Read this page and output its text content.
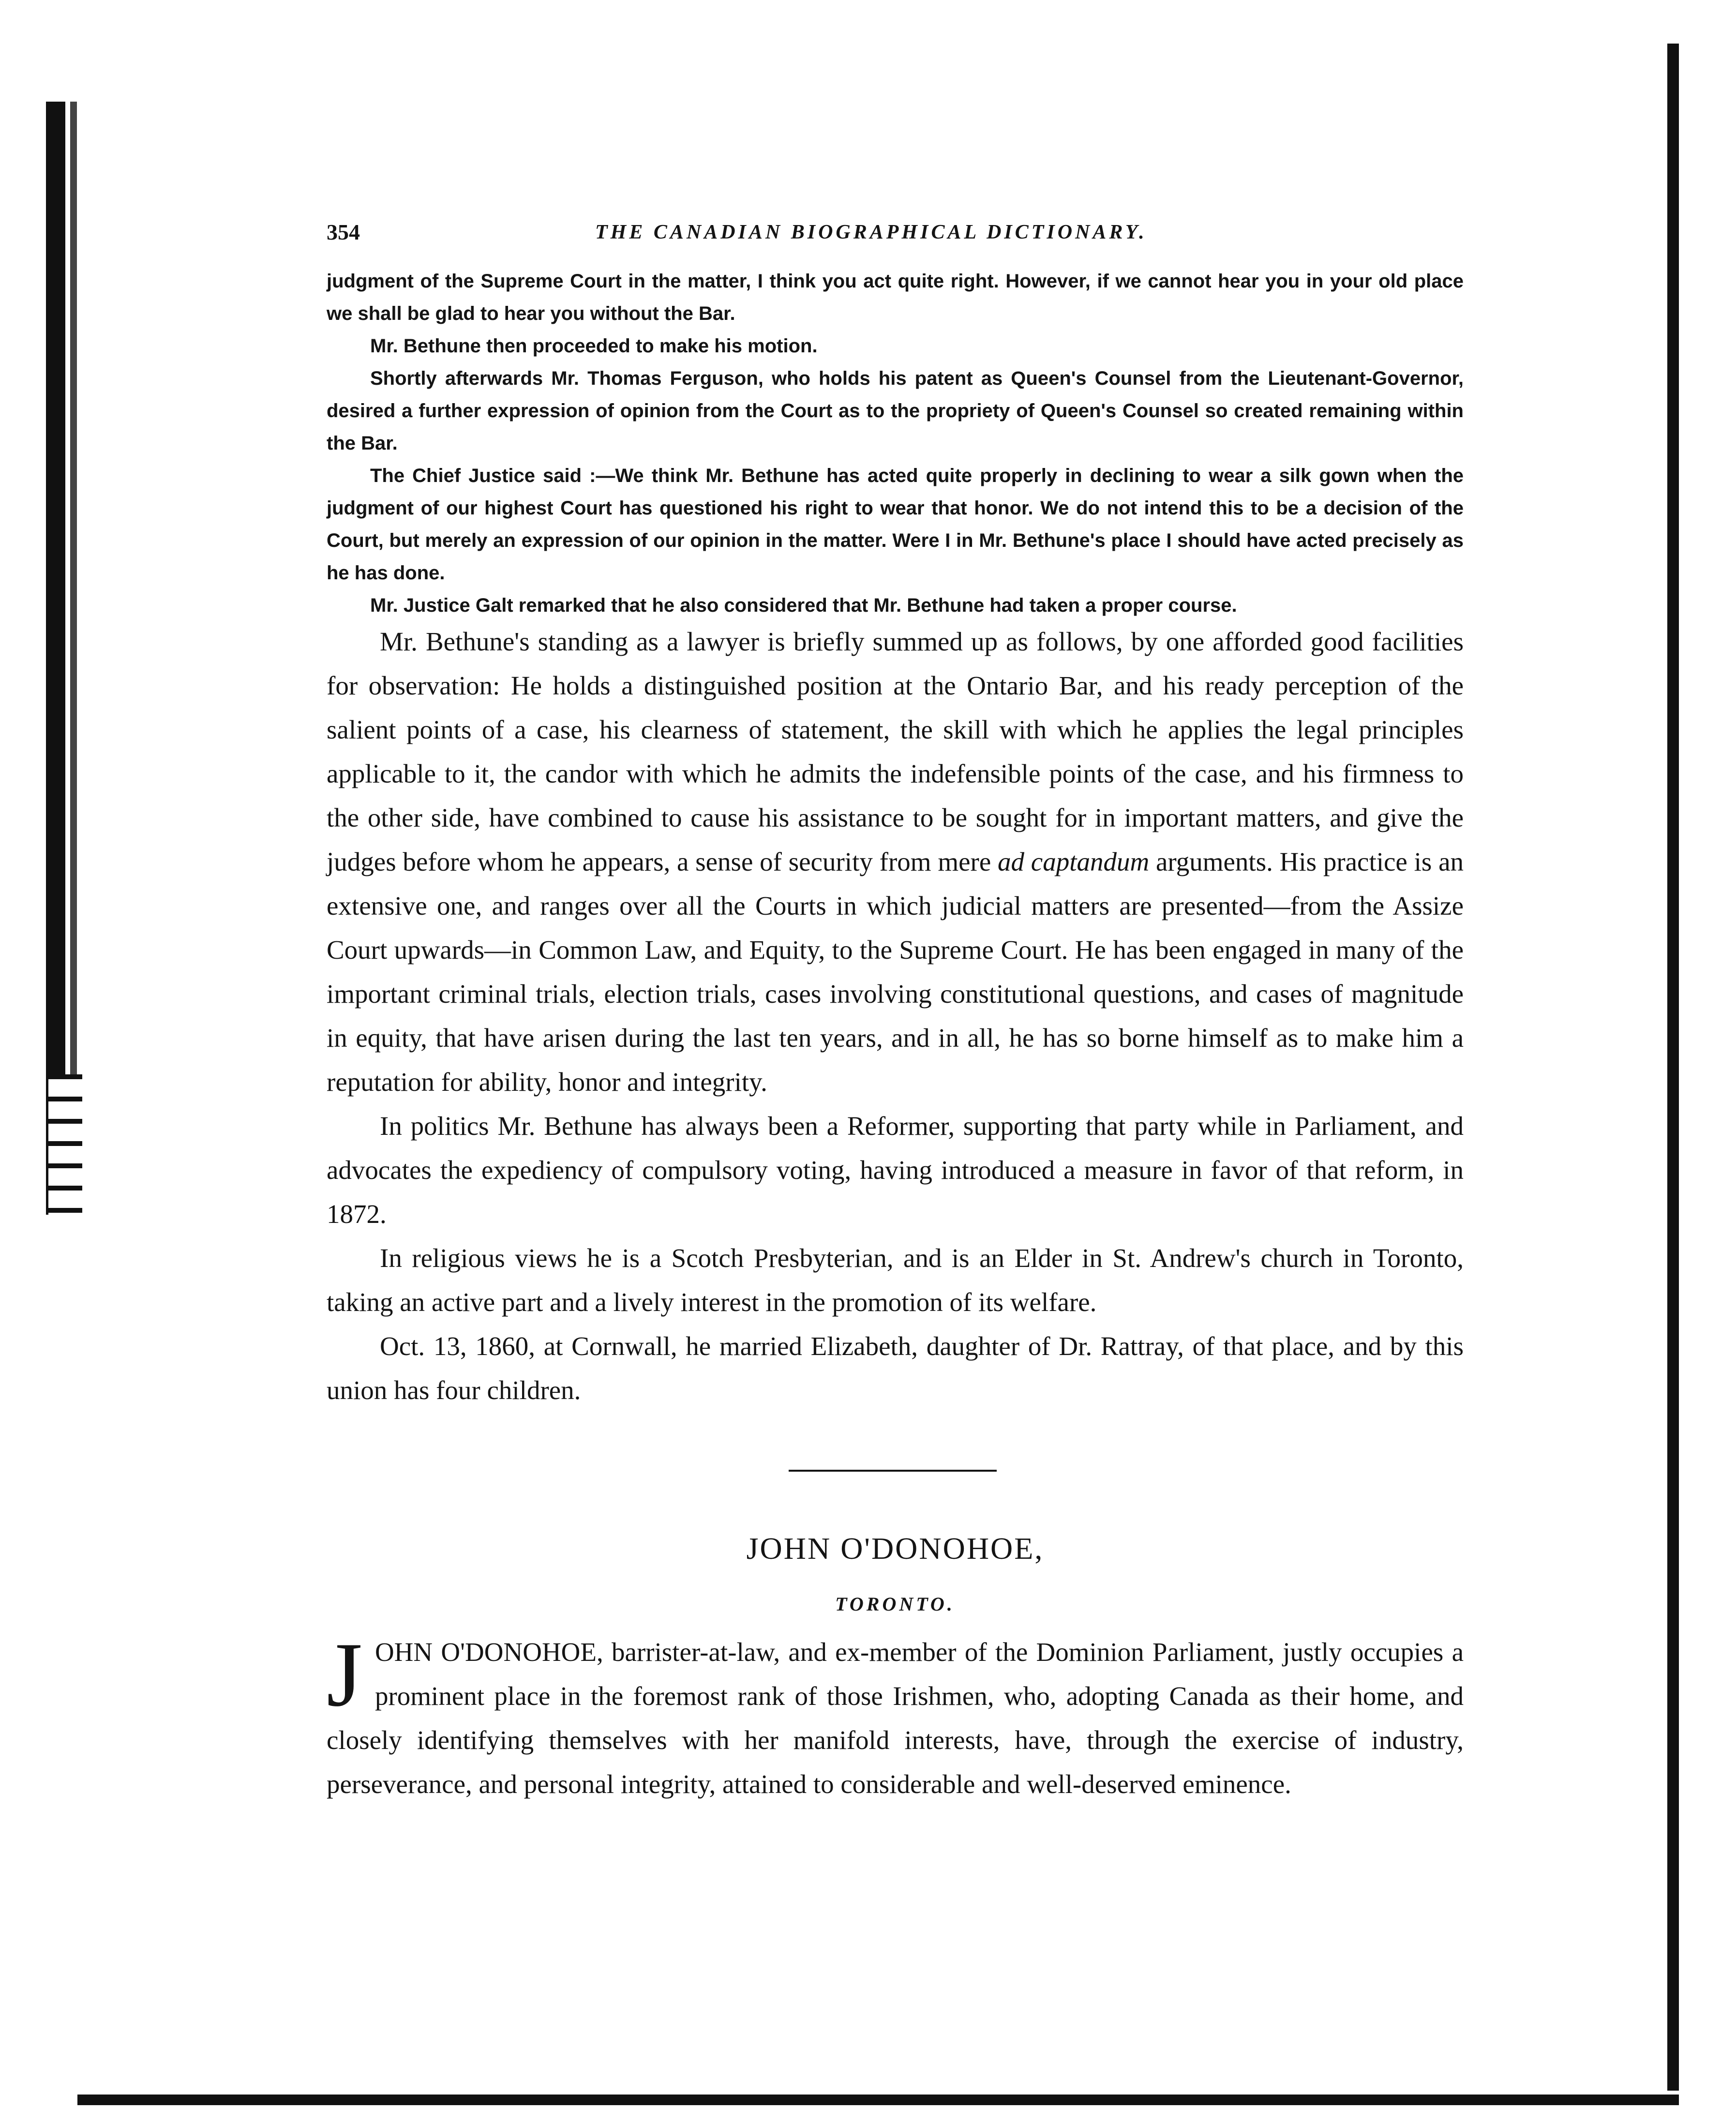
354	THE CANADIAN BIOGRAPHICAL DICTIONARY.

judgment of the Supreme Court in the matter, I think you act quite right. However, if we cannot hear you in your old place we shall be glad to hear you without the Bar.

Mr. Bethune then proceeded to make his motion.

Shortly afterwards Mr. Thomas Ferguson, who holds his patent as Queen's Counsel from the Lieutenant-Governor, desired a further expression of opinion from the Court as to the propriety of Queen's Counsel so created remaining within the Bar.

The Chief Justice said :—We think Mr. Bethune has acted quite properly in declining to wear a silk gown when the judgment of our highest Court has questioned his right to wear that honor. We do not intend this to be a decision of the Court, but merely an expression of our opinion in the matter. Were I in Mr. Bethune's place I should have acted precisely as he has done.

Mr. Justice Galt remarked that he also considered that Mr. Bethune had taken a proper course.

Mr. Bethune's standing as a lawyer is briefly summed up as follows, by one afforded good facilities for observation: He holds a distinguished position at the Ontario Bar, and his ready perception of the salient points of a case, his clearness of statement, the skill with which he applies the legal principles applicable to it, the candor with which he admits the indefensible points of the case, and his firmness to the other side, have combined to cause his assistance to be sought for in important matters, and give the judges before whom he appears, a sense of security from mere ad captandum arguments. His practice is an extensive one, and ranges over all the Courts in which judicial matters are presented—from the Assize Court upwards—in Common Law, and Equity, to the Supreme Court. He has been engaged in many of the important criminal trials, election trials, cases involving constitutional questions, and cases of magnitude in equity, that have arisen during the last ten years, and in all, he has so borne himself as to make him a reputation for ability, honor and integrity.

In politics Mr. Bethune has always been a Reformer, supporting that party while in Parliament, and advocates the expediency of compulsory voting, having introduced a measure in favor of that reform, in 1872.

In religious views he is a Scotch Presbyterian, and is an Elder in St. Andrew's church in Toronto, taking an active part and a lively interest in the promotion of its welfare.

Oct. 13, 1860, at Cornwall, he married Elizabeth, daughter of Dr. Rattray, of that place, and by this union has four children.

JOHN O'DONOHOE,
TORONTO.

JOHN O'DONOHOE, barrister-at-law, and ex-member of the Dominion Parliament, justly occupies a prominent place in the foremost rank of those Irishmen, who, adopting Canada as their home, and closely identifying themselves with her manifold interests, have, through the exercise of industry, perseverance, and personal integrity, attained to considerable and well-deserved eminence.
